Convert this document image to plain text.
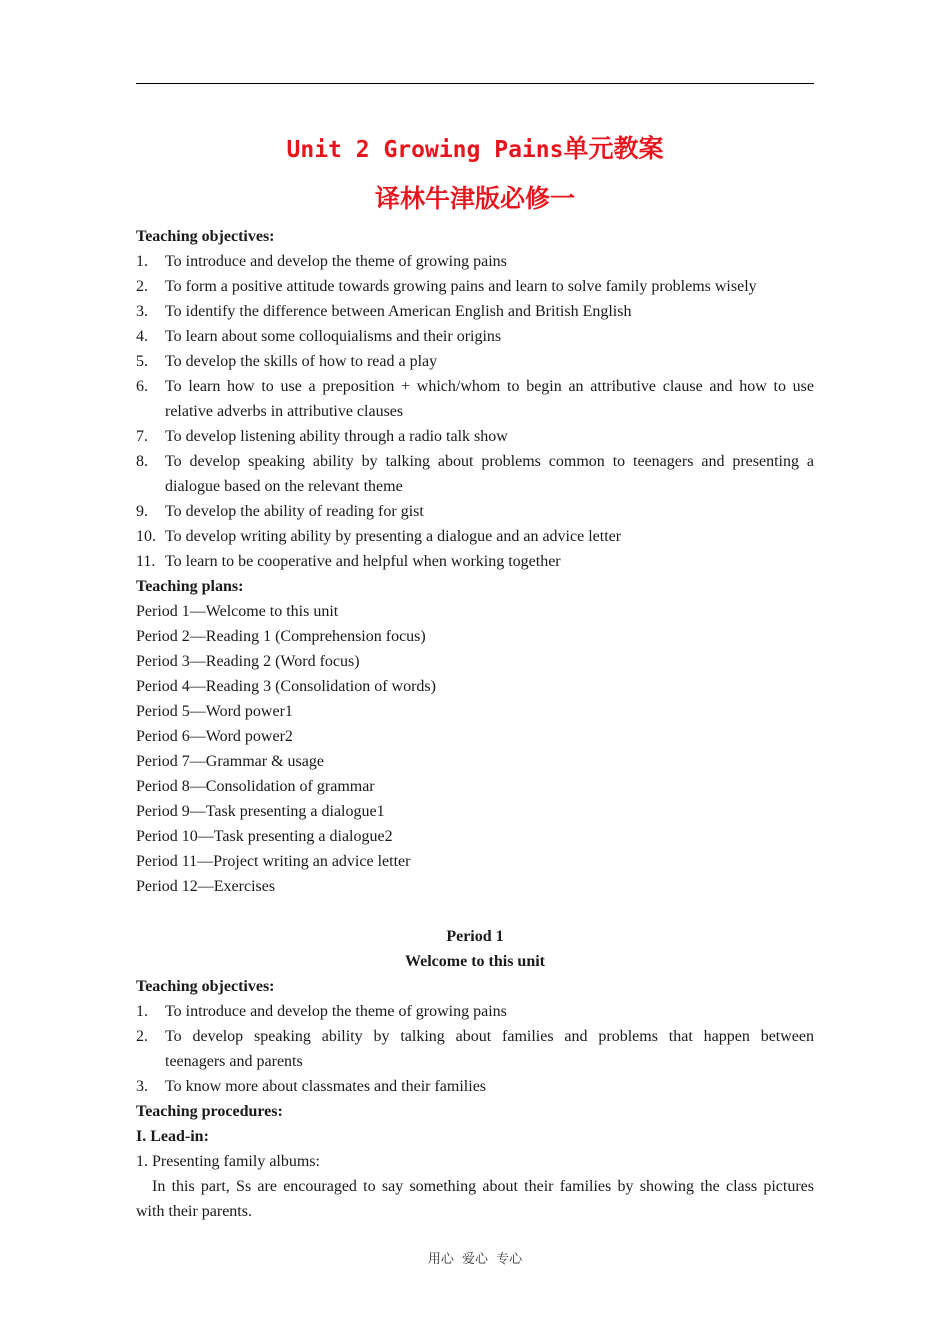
Unit 2 Growing Pains单元教案
译林牛津版必修一
Teaching objectives:
1.	To introduce and develop the theme of growing pains
2.	To form a positive attitude towards growing pains and learn to solve family problems wisely
3.	To identify the difference between American English and British English
4.	To learn about some colloquialisms and their origins
5.	To develop the skills of how to read a play
6.	To learn how to use a preposition + which/whom to begin an attributive clause and how to use
relative adverbs in attributive clauses
7.	To develop listening ability through a radio talk show
8.	To develop speaking ability by talking about problems common to teenagers and presenting a
dialogue based on the relevant theme
9.	To develop the ability of reading for gist
10. To develop writing ability by presenting a dialogue and an advice letter
11. To learn to be cooperative and helpful when working together
Teaching plans:
Period 1—Welcome to this unit
Period 2—Reading 1 (Comprehension focus)
Period 3—Reading 2 (Word focus)
Period 4—Reading 3 (Consolidation of words)
Period 5—Word power1
Period 6—Word power2
Period 7—Grammar & usage
Period 8—Consolidation of grammar
Period 9—Task presenting a dialogue1
Period 10—Task presenting a dialogue2
Period 11—Project writing an advice letter
Period 12—Exercises
Period 1
Welcome to this unit
Teaching objectives:
1.	To introduce and develop the theme of growing pains
2.	To develop speaking ability by talking about families and problems that happen between
teenagers and parents
3.	To know more about classmates and their families
Teaching procedures:
I. Lead-in:
1. Presenting family albums:
In this part, Ss are encouraged to say something about their families by showing the class pictures
with their parents.
用心 爱心 专心
